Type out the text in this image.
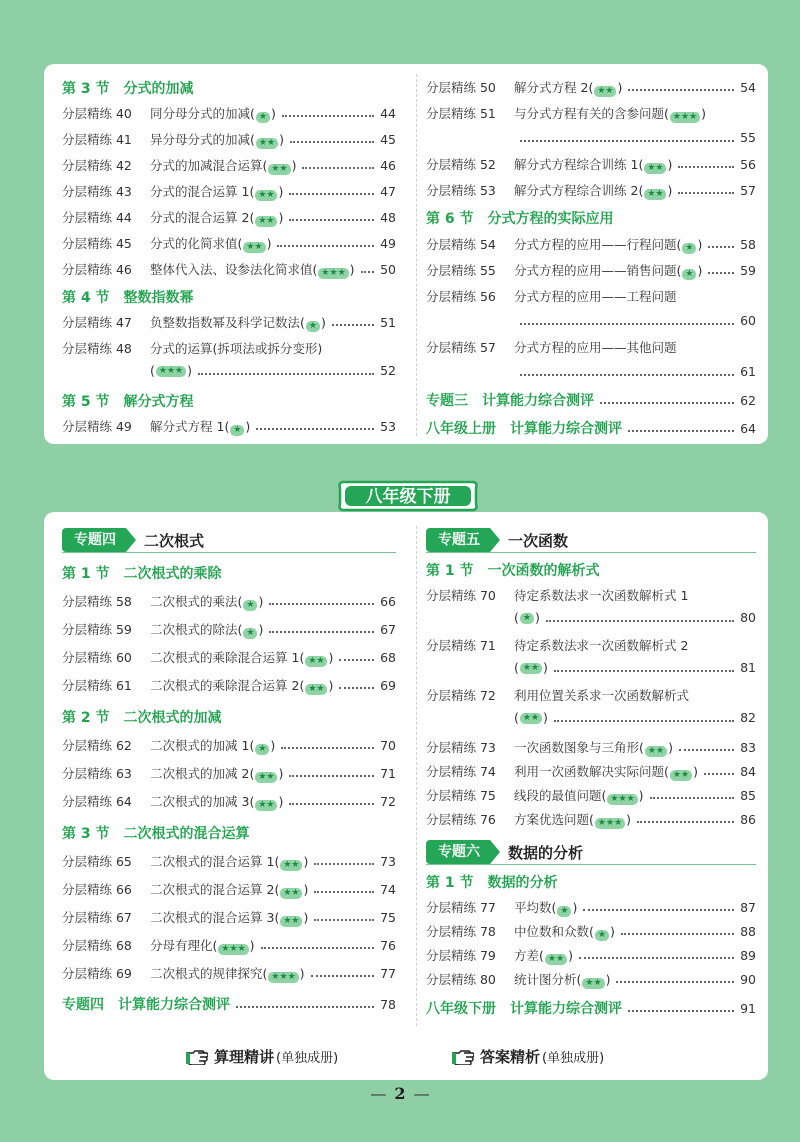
八年级下册
第 3 节 分式的加减
分层精练 40	同分母分式的加减( ★ )	44
分层精练 41	异分母分式的加减( ★ ★ )	45
分层精练 42	分式的加减混合运算( ★ ★ )	46
分层精练 43	分式的混合运算 1( ★ ★ )	47
分层精练 44	分式的混合运算 2( ★ ★ )	48
分层精练 45	分式的化简求值( ★ ★ )	49
分层精练 46	整体代入法、设参法化简求值( ★ ★ ★ ) 50
第 4 节 整数指数幂
分层精练 47	负整数指数幂及科学记数法( ★ )	51
分层精练 48	分式的运算(拆项法或拆分变形)
( ★ ★ ★ )	52
第 5 节 解分式方程
分层精练 49	解分式方程 1( ★ )	53
分层精练 50	解分式方程 2( ★ ★ )	54
分层精练 51	与分式方程有关的含参问题( ★ ★ ★ )
55
分层精练 52	解分式方程综合训练 1( ★ ★ )	56
分层精练 53	解分式方程综合训练 2( ★ ★ )	57
第 6 节 分式方程的实际应用
分层精练 54	分式方程的应用——行程问题( ★ )	58
分层精练 55	分式方程的应用——销售问题( ★ )	59
分层精练 56	分式方程的应用——工程问题
60
分层精练 57	分式方程的应用——其他问题
61
专题三　计算能力综合测评	62
八年级上册　计算能力综合测评	64
专题四	二次根式
第 1 节 二次根式的乘除
分层精练 58	二次根式的乘法( ★ )	66
分层精练 59	二次根式的除法( ★ )	67
分层精练 60	二次根式的乘除混合运算 1( ★ ★ )	68
分层精练 61	二次根式的乘除混合运算 2( ★ ★ )	69
第 2 节 二次根式的加减
分层精练 62	二次根式的加减 1( ★ )	70
分层精练 63	二次根式的加减 2( ★ ★ )	71
分层精练 64	二次根式的加减 3( ★ ★ )	72
第 3 节 二次根式的混合运算
分层精练 65	二次根式的混合运算 1( ★ ★ )	73
分层精练 66	二次根式的混合运算 2( ★ ★ )	74
分层精练 67	二次根式的混合运算 3( ★ ★ )	75
分层精练 68	分母有理化( ★ ★ ★ )	76
分层精练 69	二次根式的规律探究( ★ ★ ★ )	77
专题四　计算能力综合测评	78
专题五	一次函数
第 1 节 一次函数的解析式
分层精练 70	待定系数法求一次函数解析式 1
( ★ )	80
分层精练 71	待定系数法求一次函数解析式 2
( ★ ★ )	81
分层精练 72	利用位置关系求一次函数解析式
( ★ ★ )	82
分层精练 73	一次函数图象与三角形( ★ ★ )	83
分层精练 74	利用一次函数解决实际问题( ★ ★ )	84
分层精练 75	线段的最值问题( ★ ★ ★ )	85
分层精练 76	方案优选问题( ★ ★ ★ )	86
专题六	数据的分析
第 1 节 数据的分析
分层精练 77	平均数( ★ )	87
分层精练 78	中位数和众数( ★ )	88
分层精练 79	方差( ★ ★ )	89
分层精练 80	统计图分析( ★ ★ )	90
八年级下册　计算能力综合测评	91
算理精讲 (单独成册)	答案精析 (单独成册)
— 2 —
